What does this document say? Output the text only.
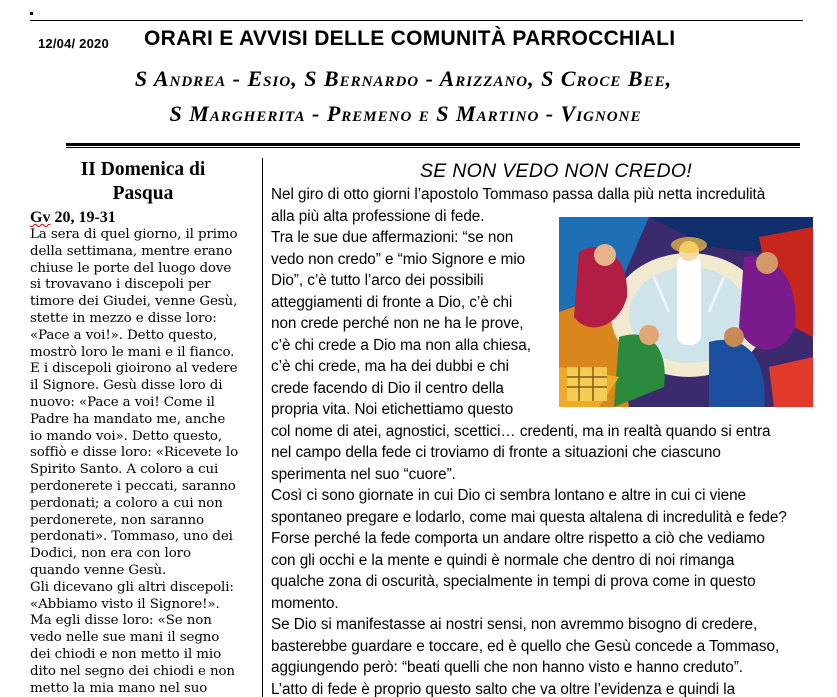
12/04/ 2020 ORARI E AVVISI DELLE COMUNITÀ PARROCCHIALI
S Andrea - Esio, S Bernardo - Arizzano, S Croce Bee,
S Margherita - Premeno e S Martino - Vignone
II Domenica di
Pasqua
Gv 20, 19-31
La sera di quel giorno, il primo
della settimana, mentre erano
chiuse le porte del luogo dove
si trovavano i discepoli per
timore dei Giudei, venne Gesù,
stette in mezzo e disse loro:
«Pace a voi!». Detto questo,
mostrò loro le mani e il fianco.
E i discepoli gioirono al vedere
il Signore. Gesù disse loro di
nuovo: «Pace a voi! Come il
Padre ha mandato me, anche
io mando voi». Detto questo,
soffiò e disse loro: «Ricevete lo
Spirito Santo. A coloro a cui
perdonerete i peccati, saranno
perdonati; a coloro a cui non
perdonerete, non saranno
perdonati». Tommaso, uno dei
Dodici, non era con loro
quando venne Gesù.
Gli dicevano gli altri discepoli:
«Abbiamo visto il Signore!».
Ma egli disse loro: «Se non
vedo nelle sue mani il segno
dei chiodi e non metto il mio
dito nel segno dei chiodi e non
metto la mia mano nel suo
SE NON VEDO NON CREDO!
Nel giro di otto giorni l’apostolo Tommaso passa dalla più netta incredulità
alla più alta professione di fede.
Tra le sue due affermazioni: “se non
vedo non credo” e “mio Signore e mio
Dio”, c’è tutto l’arco dei possibili
atteggiamenti di fronte a Dio, c’è chi
non crede perché non ne ha le prove,
c’è chi crede a Dio ma non alla chiesa,
c’è chi crede, ma ha dei dubbi e chi
crede facendo di Dio il centro della
propria vita. Noi etichettiamo questo
col nome di atei, agnostici, scettici… credenti, ma in realtà quando si entra
nel campo della fede ci troviamo di fronte a situazioni che ciascuno
sperimenta nel suo “cuore”.
Così ci sono giornate in cui Dio ci sembra lontano e altre in cui ci viene
spontaneo pregare e lodarlo, come mai questa altalena di incredulità e fede?
Forse perché la fede comporta un andare oltre rispetto a ciò che vediamo
con gli occhi e la mente e quindi è normale che dentro di noi rimanga
qualche zona di oscurità, specialmente in tempi di prova come in questo
momento.
Se Dio si manifestasse ai nostri sensi, non avremmo bisogno di credere,
basterebbe guardare e toccare, ed è quello che Gesù concede a Tommaso,
aggiungendo però: “beati quelli che non hanno visto e hanno creduto”.
L’atto di fede è proprio questo salto che va oltre l’evidenza e quindi la
